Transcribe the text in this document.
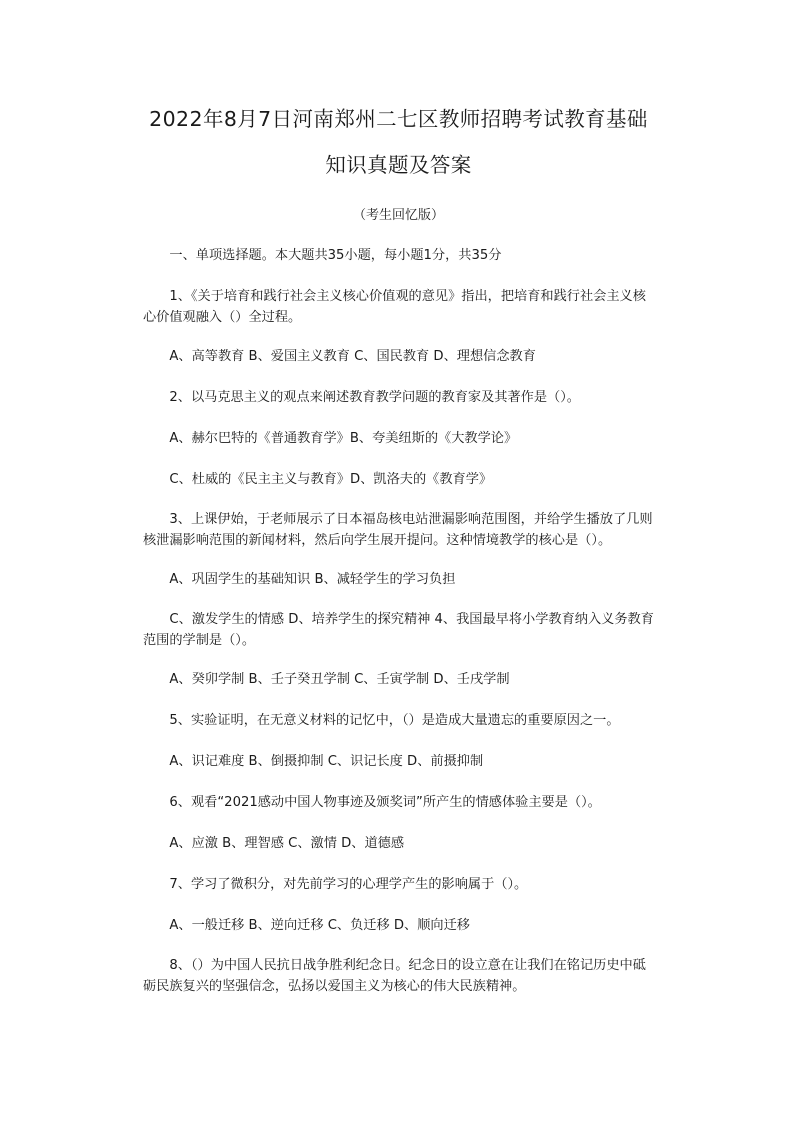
2022年8月7日河南郑州二七区教师招聘考试教育基础
知识真题及答案
（考生回忆版）

一、单项选择题。本大题共35小题，每小题1分，共35分

1、《关于培育和践行社会主义核心价值观的意见》指出，把培育和践行社会主义核心价值观融入（）全过程。

A、高等教育 B、爱国主义教育 C、国民教育 D、理想信念教育

2、以马克思主义的观点来阐述教育教学问题的教育家及其著作是（）。

A、赫尔巴特的《普通教育学》B、夸美纽斯的《大教学论》

C、杜威的《民主主义与教育》D、凯洛夫的《教育学》

3、上课伊始，于老师展示了日本福岛核电站泄漏影响范围图，并给学生播放了几则核泄漏影响范围的新闻材料，然后向学生展开提问。这种情境教学的核心是（）。

A、巩固学生的基础知识 B、减轻学生的学习负担

C、激发学生的情感 D、培养学生的探究精神 4、我国最早将小学教育纳入义务教育范围的学制是（）。

A、癸卯学制 B、壬子癸丑学制 C、壬寅学制 D、壬戌学制

5、实验证明，在无意义材料的记忆中，（）是造成大量遗忘的重要原因之一。

A、识记难度 B、倒摄抑制 C、识记长度 D、前摄抑制

6、观看“2021感动中国人物事迹及颁奖词”所产生的情感体验主要是（）。

A、应激 B、理智感 C、激情 D、道德感

7、学习了微积分，对先前学习的心理学产生的影响属于（）。

A、一般迁移 B、逆向迁移 C、负迁移 D、顺向迁移

8、（）为中国人民抗日战争胜利纪念日。纪念日的设立意在让我们在铭记历史中砥砺民族复兴的坚强信念，弘扬以爱国主义为核心的伟大民族精神。
